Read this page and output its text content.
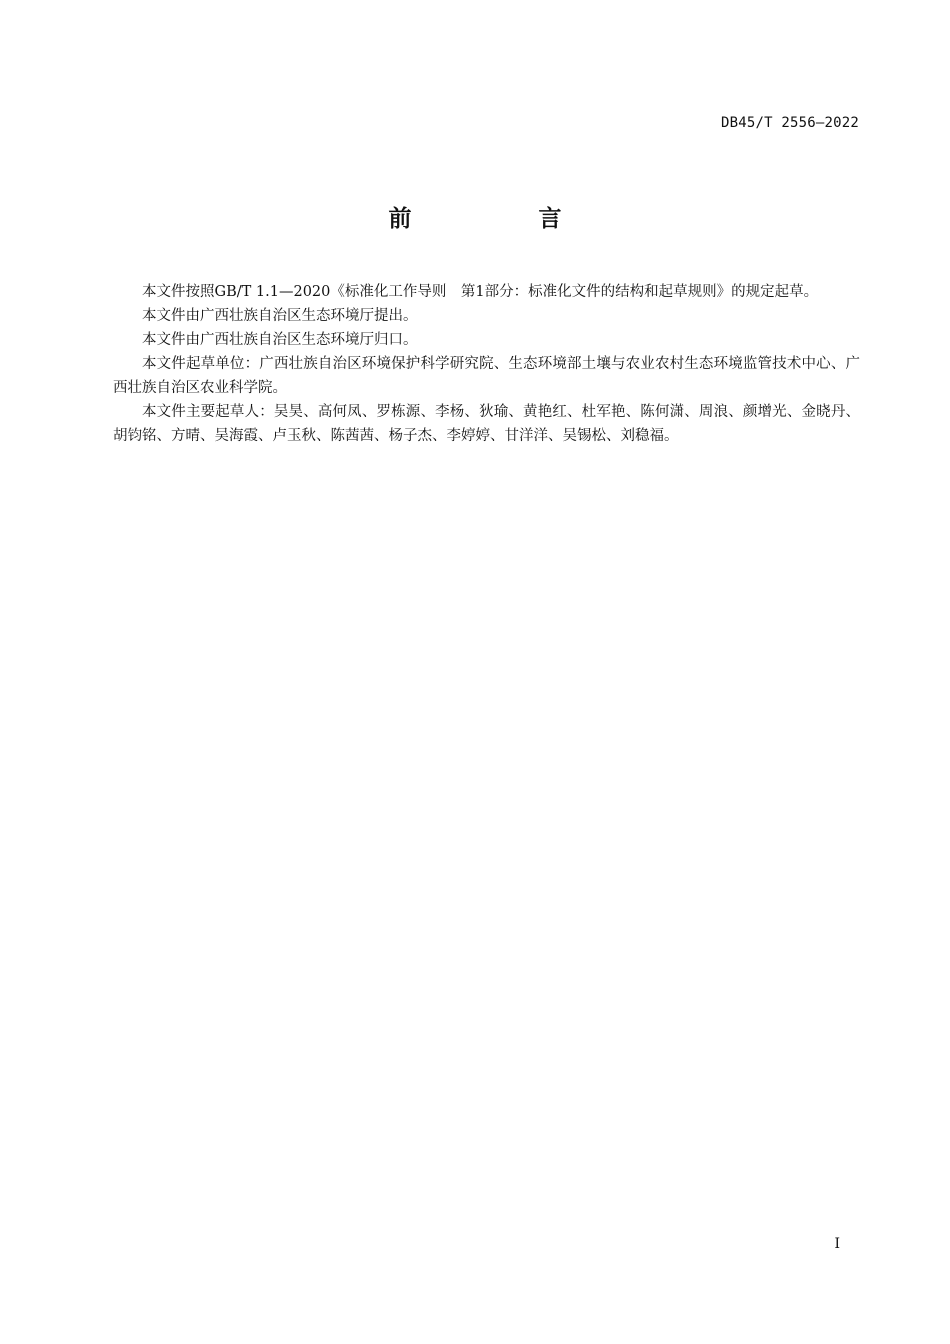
DB45/T 2556—2022
前　言

本文件按照GB/T 1.1—2020《标准化工作导则　第1部分：标准化文件的结构和起草规则》的规定起草。

本文件由广西壮族自治区生态环境厅提出。

本文件由广西壮族自治区生态环境厅归口。

本文件起草单位：广西壮族自治区环境保护科学研究院、生态环境部土壤与农业农村生态环境监管技术中心、广西壮族自治区农业科学院。

本文件主要起草人：吴昊、高何凤、罗栋源、李杨、狄瑜、黄艳红、杜军艳、陈何潇、周浪、颜增光、金晓丹、胡钧铭、方晴、吴海霞、卢玉秋、陈茜茜、杨子杰、李婷婷、甘洋洋、吴锡松、刘稳福。

I
